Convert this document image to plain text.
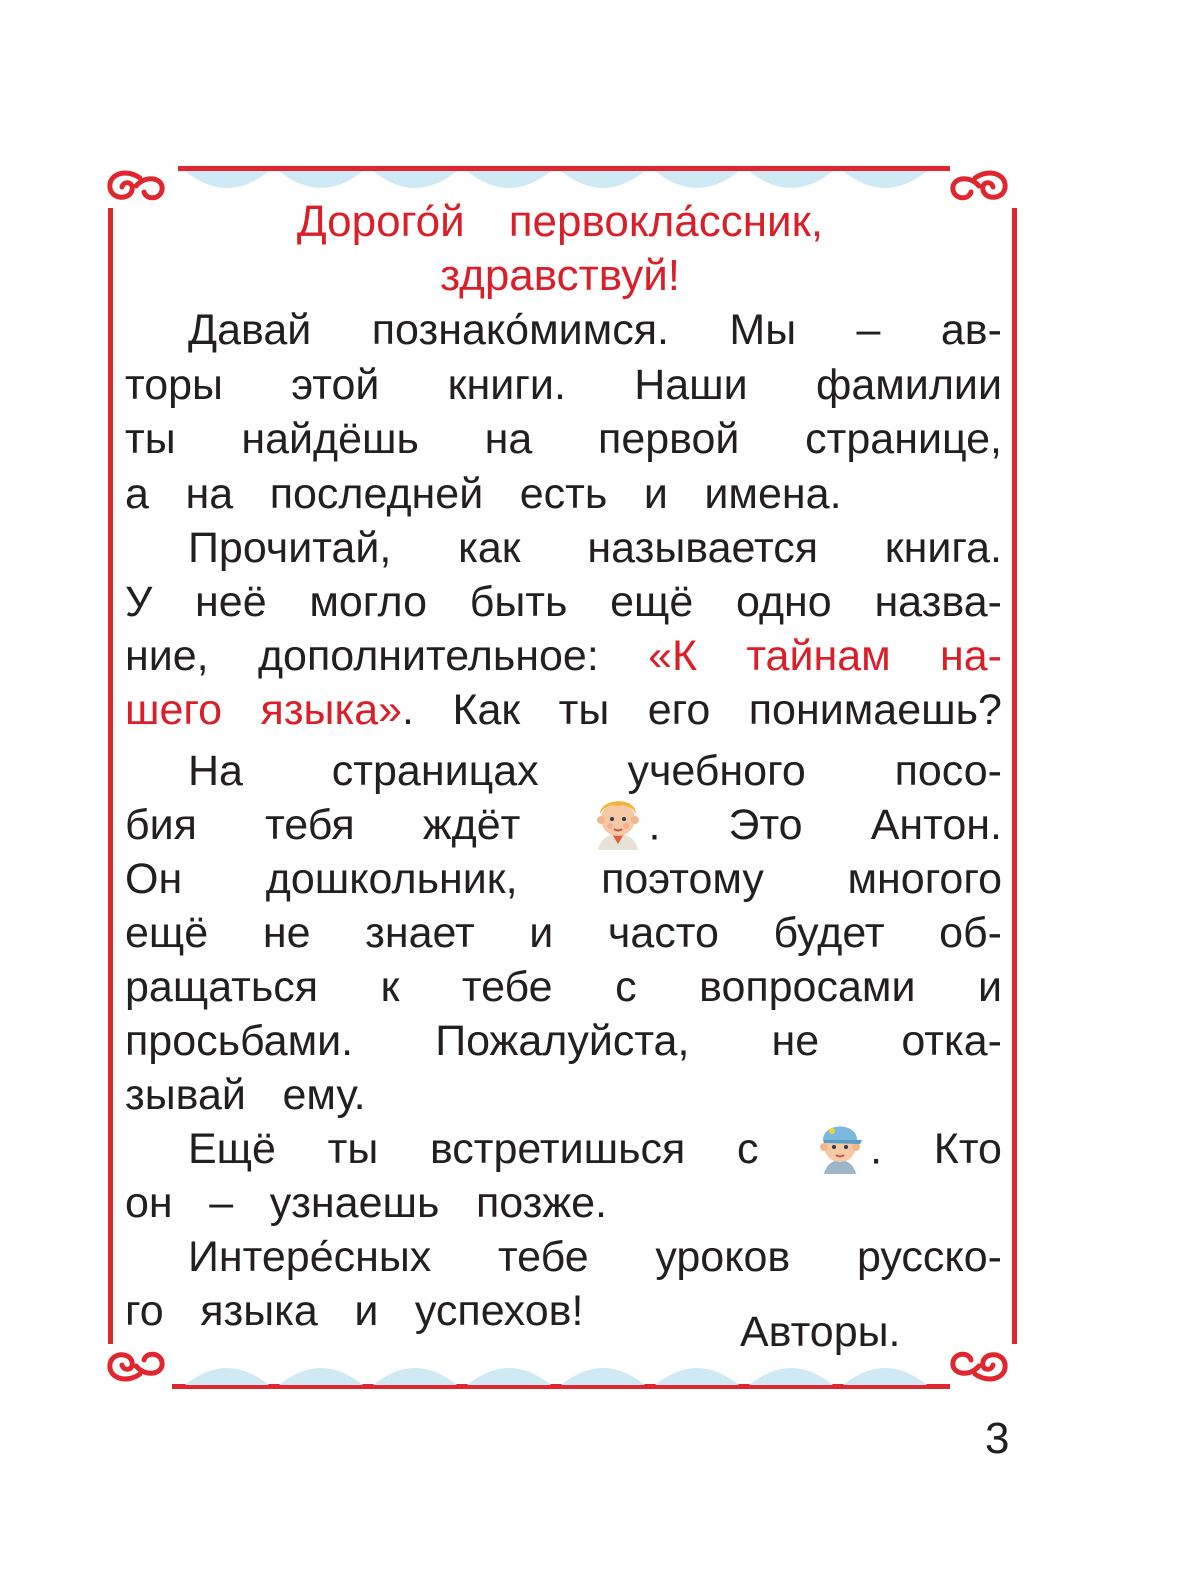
Дорого́й первокла́ссник,
здравствуй!
Давай познако́мимся. Мы – ав-
торы этой книги. Наши фамилии
ты найдёшь на первой странице,
а на последней есть и имена.
Прочитай, как называется книга.
У неё могло быть ещё одно назва-
ние, дополнительное: «К тайнам на-
шего языка». Как ты его понимаешь?
На страницах учебного посо-
бия тебя ждёт	. Это Антон.
Он дошкольник, поэтому многого
ещё не знает и часто будет об-
ращаться к тебе с вопросами и
просьбами. Пожалуйста, не отка-
зывай ему.
Ещё ты встретишься с	. Кто
он – узнаешь позже.
Интере́сных тебе уроков русско-
го языка и успехов!	Авторы.
3
